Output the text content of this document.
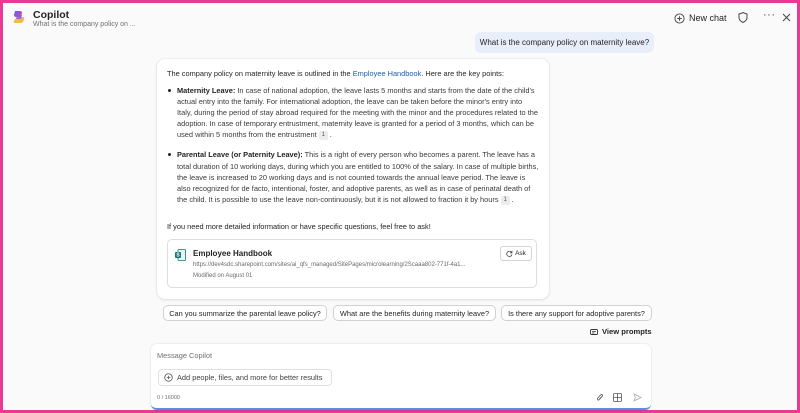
Copilot
What is the company policy on ...
New chat	···
What is the company policy on maternity leave?
The company policy on maternity leave is outlined in the Employee Handbook. Here are the key points:
Maternity Leave: In case of national adoption, the leave lasts 5 months and starts from the date of the child's actual entry into the family. For international adoption, the leave can be taken before the minor's entry into Italy, during the period of stay abroad required for the meeting with the minor and the procedures related to the adoption. In case of temporary entrustment, maternity leave is granted for a period of 3 months, which can be used within 5 months from the entrustment 1 .
Parental Leave (or Paternity Leave): This is a right of every person who becomes a parent. The leave has a total duration of 10 working days, during which you are entitled to 100% of the salary. In case of multiple births, the leave is increased to 20 working days and is not counted towards the annual leave period. The leave is also recognized for de facto, intentional, foster, and adoptive parents, as well as in case of perinatal death of the child. It is possible to use the leave non-continuously, but it is not allowed to fraction it by hours 1 .
If you need more detailed information or have specific questions, feel free to ask!
S Employee Handbook
https://dev4sdc.sharepoint.com/sites/ai_qfs_managed/SitePages/microlearning/2Scaaa802-771f-4a1...
Modified on August 01
Ask
Can you summarize the parental leave policy?	What are the benefits during maternity leave?	Is there any support for adoptive parents?
View prompts
Message Copilot
Add people, files, and more for better results
0 / 16000
